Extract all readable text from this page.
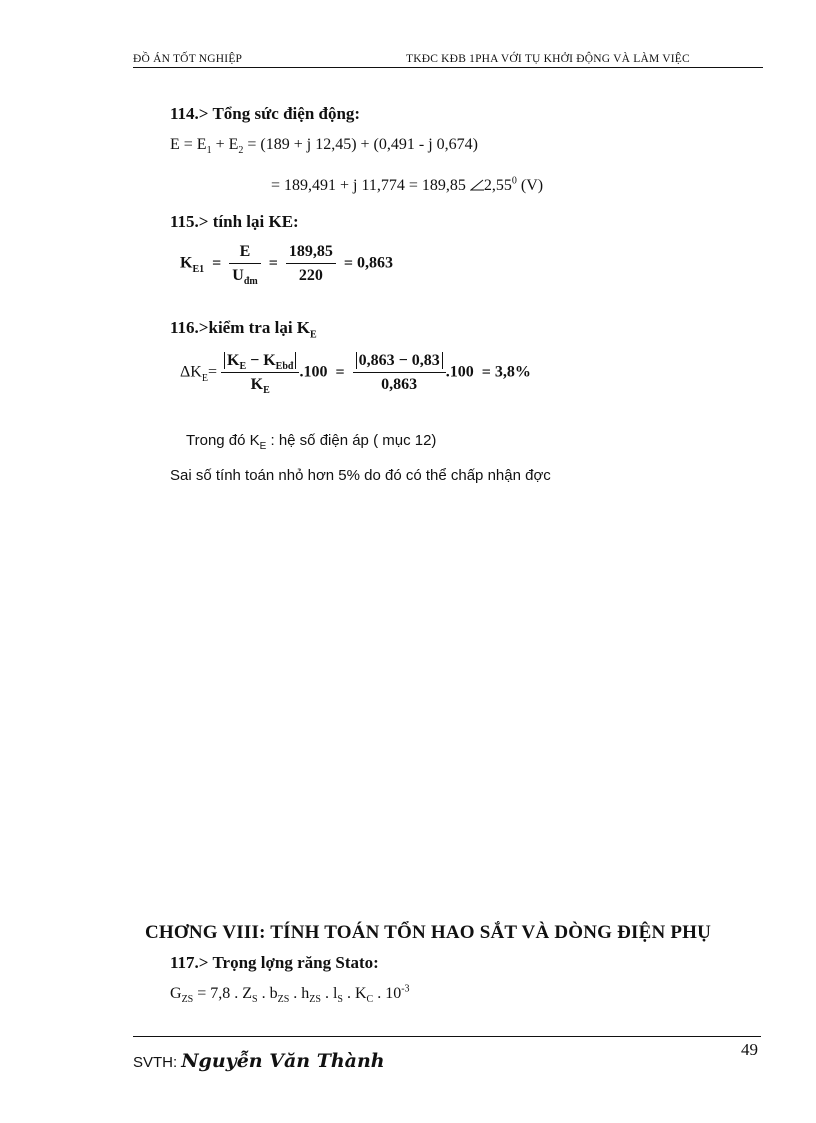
ĐỒ ÁN TỐT NGHIỆP	TKĐC KĐB 1PHA VỚI TỤ KHỞI ĐỘNG VÀ LÀM VIỆC
114.> Tổng sức điện động:
$E = E_1 + E_2 = (189 + j$ 12,45) + (0,491 - j 0,674)
= 189,491 + j 11,774 = 189,85 2,55$^0$ (V)
115.> tính lại KE:
$K_{E1} = \frac{E}{U_{đm}} = \frac{189,85}{220} = 0,863$
116.>kiểm tra lại $K_E$
$\Delta K_E= \frac{K_E - K_{Ebđ}}{K_E} .100 = \frac{0,863 - 0,83}{0,863} .100 = 3,8\%$
Trong đó $K_E$ : hệ số điện áp ( mục 12)
Sai số tính toán nhỏ hơn 5% do đó có thể chấp nhận đợc
CHƠNG VIII: TÍNH TOÁN TỔN HAO SẮT VÀ DÒNG ĐIỆN PHỤ
117.> Trọng lợng răng Stato:
$G_{ZS} = 7,8$ . $Z_S$ . $b_{ZS}$ . $h_{ZS}$ . $l_S$ . $K_C$ . $10^{-3}$
49
SVTH: Nguyễn Văn Thành
